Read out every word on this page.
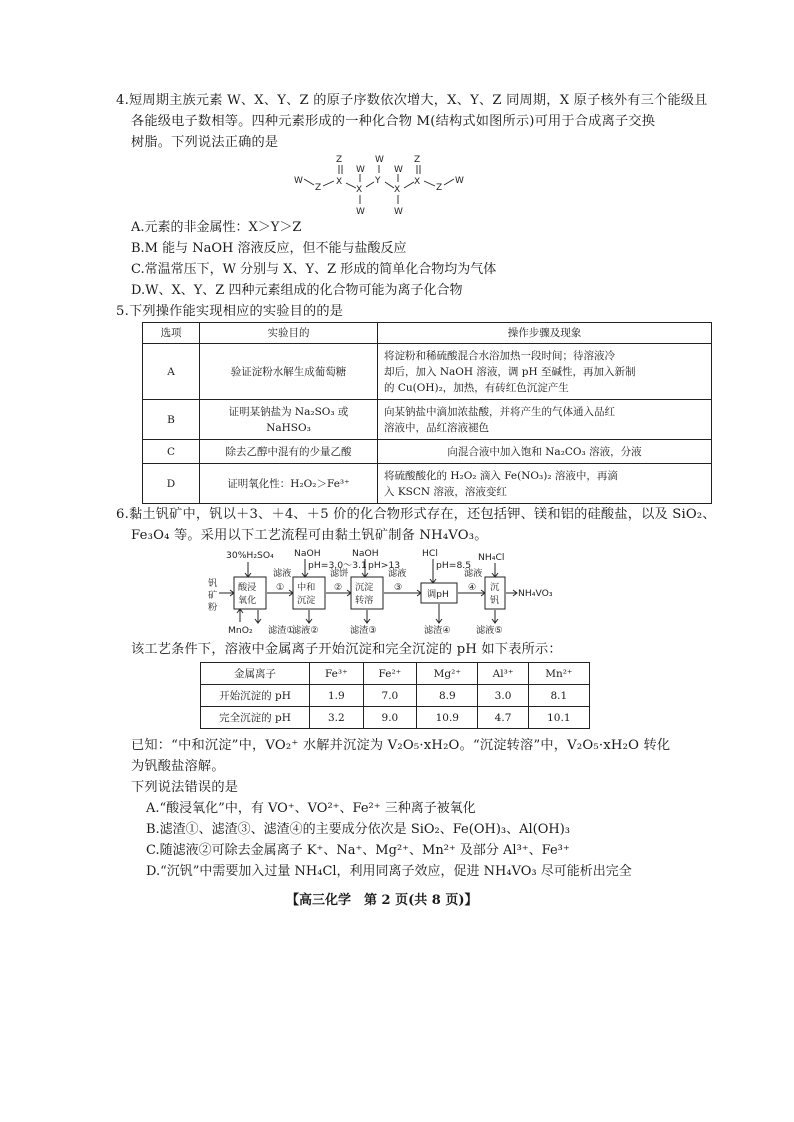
4.短周期主族元素 W、X、Y、Z 的原子序数依次增大，X、Y、Z 同周期，X 原子核外有三个能级且
各能级电子数相等。四种元素形成的一种化合物 M(结构式如图所示)可用于合成离子交换
树脂。下列说法正确的是
W
Z
X
Z
X
W
W
Y
W
X
W
W
X
Z
Z
W
A.元素的非金属性：X＞Y＞Z
B.M 能与 NaOH 溶液反应，但不能与盐酸反应
C.常温常压下，W 分别与 X、Y、Z 形成的简单化合物均为气体
D.W、X、Y、Z 四种元素组成的化合物可能为离子化合物
5.下列操作能实现相应的实验目的的是
选项	实验目的	操作步骤及现象
A	验证淀粉水解生成葡萄糖	将淀粉和稀硫酸混合水浴加热一段时间；待溶液冷
却后，加入 NaOH 溶液，调 pH 至碱性，再加入新制
的 Cu(OH)₂，加热，有砖红色沉淀产生

B	证明某钠盐为 Na₂SO₃ 或 NaHSO₃	向某钠盐中滴加浓盐酸，并将产生的气体通入品红
溶液中，品红溶液褪色

C	除去乙醇中混有的少量乙酸	向混合液中加入饱和 Na₂CO₃ 溶液，分液
D	证明氧化性：H₂O₂＞Fe³⁺	将硫酸酸化的 H₂O₂ 滴入 Fe(NO₃)₂ 溶液中，再滴
入 KSCN 溶液，溶液变红
6.黏土钒矿中，钒以＋3、＋4、＋5 价的化合物形式存在，还包括钾、镁和铝的硅酸盐，以及 SiO₂、
Fe₃O₄ 等。采用以下工艺流程可由黏土钒矿制备 NH₄VO₃。
钒
矿
粉
30%H₂SO₄
酸浸
氧化
MnO₂ 滤渣①
滤液
①
NaOH
pH=3.0～3.1
中和
沉淀
滤液②
滤饼
②
NaOH
pH>13
沉淀
转溶
滤渣③
滤液
③
HCl
pH=8.5
调pH
滤渣④
滤液
④
NH₄Cl
沉
钒
滤液⑤
NH₄VO₃
该工艺条件下，溶液中金属离子开始沉淀和完全沉淀的 pH 如下表所示：
金属离子	Fe³⁺	Fe²⁺	Mg²⁺	Al³⁺	Mn²⁺
开始沉淀的 pH	1.9	7.0	8.9	3.0	8.1
完全沉淀的 pH	3.2	9.0	10.9	4.7	10.1
已知：“中和沉淀”中，VO₂⁺ 水解并沉淀为 V₂O₅·xH₂O。“沉淀转溶”中，V₂O₅·xH₂O 转化
为钒酸盐溶解。
下列说法错误的是
A.“酸浸氧化”中，有 VO⁺、VO²⁺、Fe²⁺ 三种离子被氧化
B.滤渣①、滤渣③、滤渣④的主要成分依次是 SiO₂、Fe(OH)₃、Al(OH)₃
C.随滤液②可除去金属离子 K⁺、Na⁺、Mg²⁺、Mn²⁺ 及部分 Al³⁺、Fe³⁺
D.“沉钒”中需要加入过量 NH₄Cl，利用同离子效应，促进 NH₄VO₃ 尽可能析出完全
【高三化学　第 2 页(共 8 页)】
